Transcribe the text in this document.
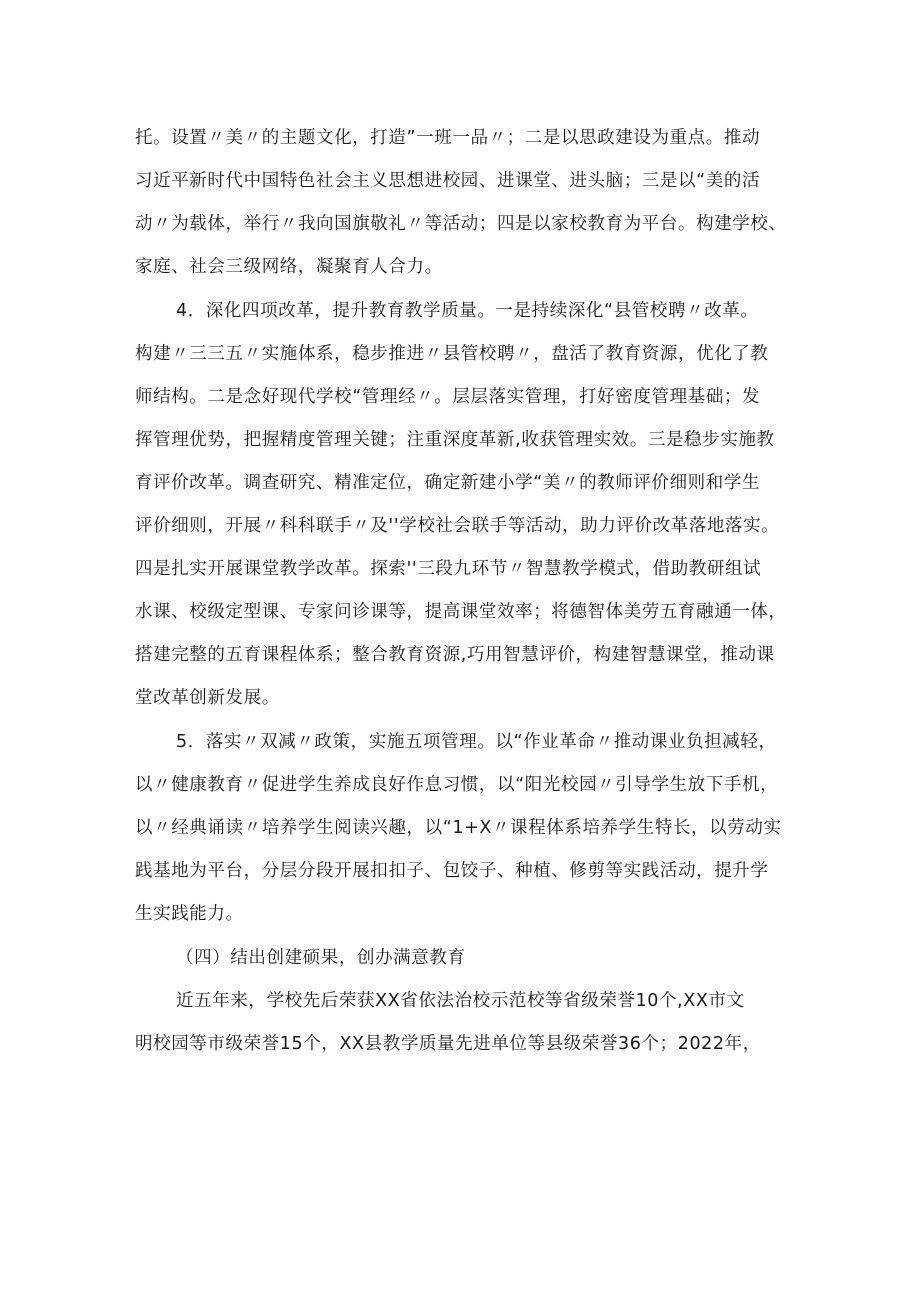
托。设置〃美〃的主题文化，打造”一班一品〃；二是以思政建设为重点。推动
习近平新时代中国特色社会主义思想进校园、进课堂、进头脑；三是以“美的活
动〃为载体，举行〃我向国旗敬礼〃等活动；四是以家校教育为平台。构建学校、
家庭、社会三级网络，凝聚育人合力。
4．深化四项改革，提升教育教学质量。一是持续深化“县管校聘〃改革。
构建〃三三五〃实施体系，稳步推进〃县管校聘〃，盘活了教育资源，优化了教
师结构。二是念好现代学校“管理经〃。层层落实管理，打好密度管理基础；发
挥管理优势，把握精度管理关键；注重深度革新,收获管理实效。三是稳步实施教
育评价改革。调查研究、精准定位，确定新建小学“美〃的教师评价细则和学生
评价细则，开展〃科科联手〃及''学校社会联手等活动，助力评价改革落地落实。
四是扎实开展课堂教学改革。探索''三段九环节〃智慧教学模式，借助教研组试
水课、校级定型课、专家问诊课等，提高课堂效率；将德智体美劳五育融通一体，
搭建完整的五育课程体系；整合教育资源,巧用智慧评价，构建智慧课堂，推动课
堂改革创新发展。
5．落实〃双减〃政策，实施五项管理。以“作业革命〃推动课业负担减轻，
以〃健康教育〃促进学生养成良好作息习惯，以“阳光校园〃引导学生放下手机，
以〃经典诵读〃培养学生阅读兴趣，以“1+X〃课程体系培养学生特长，以劳动实
践基地为平台，分层分段开展扣扣子、包饺子、种植、修剪等实践活动，提升学
生实践能力。
（四）结出创建硕果，创办满意教育
近五年来，学校先后荣获XX省依法治校示范校等省级荣誉10个,XX市文
明校园等市级荣誉15个，XX县教学质量先进单位等县级荣誉36个；2022年，
